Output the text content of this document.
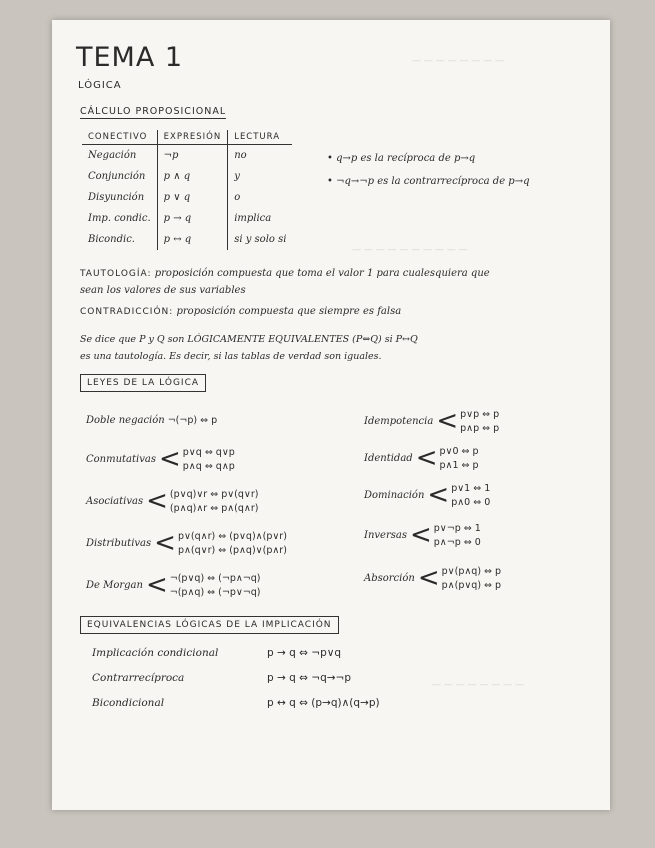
— — — — — — — —
— — — — — — — — — —
— — — — — — — —
TEMA 1
LÓGICA
CÁLCULO PROPOSICIONAL
CONECTIVO	EXPRESIÓN	LECTURA
Negación	¬p	no
Conjunción	p ∧ q	y
Disyunción	p ∨ q	o
Imp. condic.	p → q	implica
Bicondic.	p ↔ q	si y solo si
• q→p es la recíproca de p→q
• ¬q→¬p es la contrarrecíproca de p→q
TAUTOLOGÍA: proposición compuesta que toma el valor 1 para cualesquiera que
sean los valores de sus variables
CONTRADICCIÓN: proposición compuesta que siempre es falsa
Se dice que P y Q son LÓGICAMENTE EQUIVALENTES (P⇔Q) si P↔Q
es una tautología. Es decir, si las tablas de verdad son iguales.
LEYES DE LA LÓGICA
Doble negación ¬(¬p) ⇔ p
Conmutativas < p∨q ⇔ q∨p
p∧q ⇔ q∧p
Asociativas < (p∨q)∨r ⇔ p∨(q∨r)
(p∧q)∧r ⇔ p∧(q∧r)
Distributivas < p∨(q∧r) ⇔ (p∨q)∧(p∨r)
p∧(q∨r) ⇔ (p∧q)∨(p∧r)
De Morgan < ¬(p∨q) ⇔ (¬p∧¬q)
¬(p∧q) ⇔ (¬p∨¬q)
Idempotencia < p∨p ⇔ p
p∧p ⇔ p
Identidad < p∨0 ⇔ p
p∧1 ⇔ p
Dominación < p∨1 ⇔ 1
p∧0 ⇔ 0
Inversas < p∨¬p ⇔ 1
p∧¬p ⇔ 0
Absorción < p∨(p∧q) ⇔ p
p∧(p∨q) ⇔ p
EQUIVALENCIAS LÓGICAS DE LA IMPLICACIÓN
Implicación condicional	p → q ⇔ ¬p∨q
Contrarrecíproca	p → q ⇔ ¬q→¬p
Bicondicional	p ↔ q ⇔ (p→q)∧(q→p)
